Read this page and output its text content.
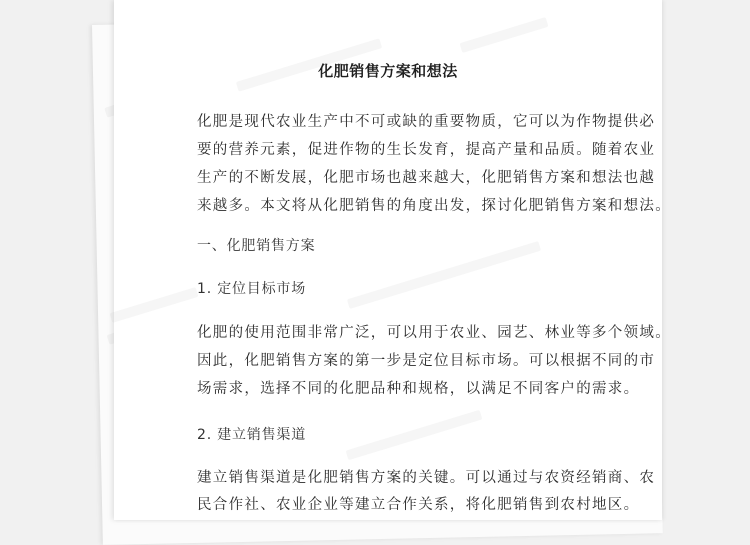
化肥销售方案和想法
化肥是现代农业生产中不可或缺的重要物质，它可以为作物提供必
要的营养元素，促进作物的生长发育，提高产量和品质。随着农业
生产的不断发展，化肥市场也越来越大，化肥销售方案和想法也越
来越多。本文将从化肥销售的角度出发，探讨化肥销售方案和想法。
一、化肥销售方案
1. 定位目标市场
化肥的使用范围非常广泛，可以用于农业、园艺、林业等多个领域。
因此，化肥销售方案的第一步是定位目标市场。可以根据不同的市
场需求，选择不同的化肥品种和规格，以满足不同客户的需求。
2. 建立销售渠道
建立销售渠道是化肥销售方案的关键。可以通过与农资经销商、农
民合作社、农业企业等建立合作关系，将化肥销售到农村地区。
